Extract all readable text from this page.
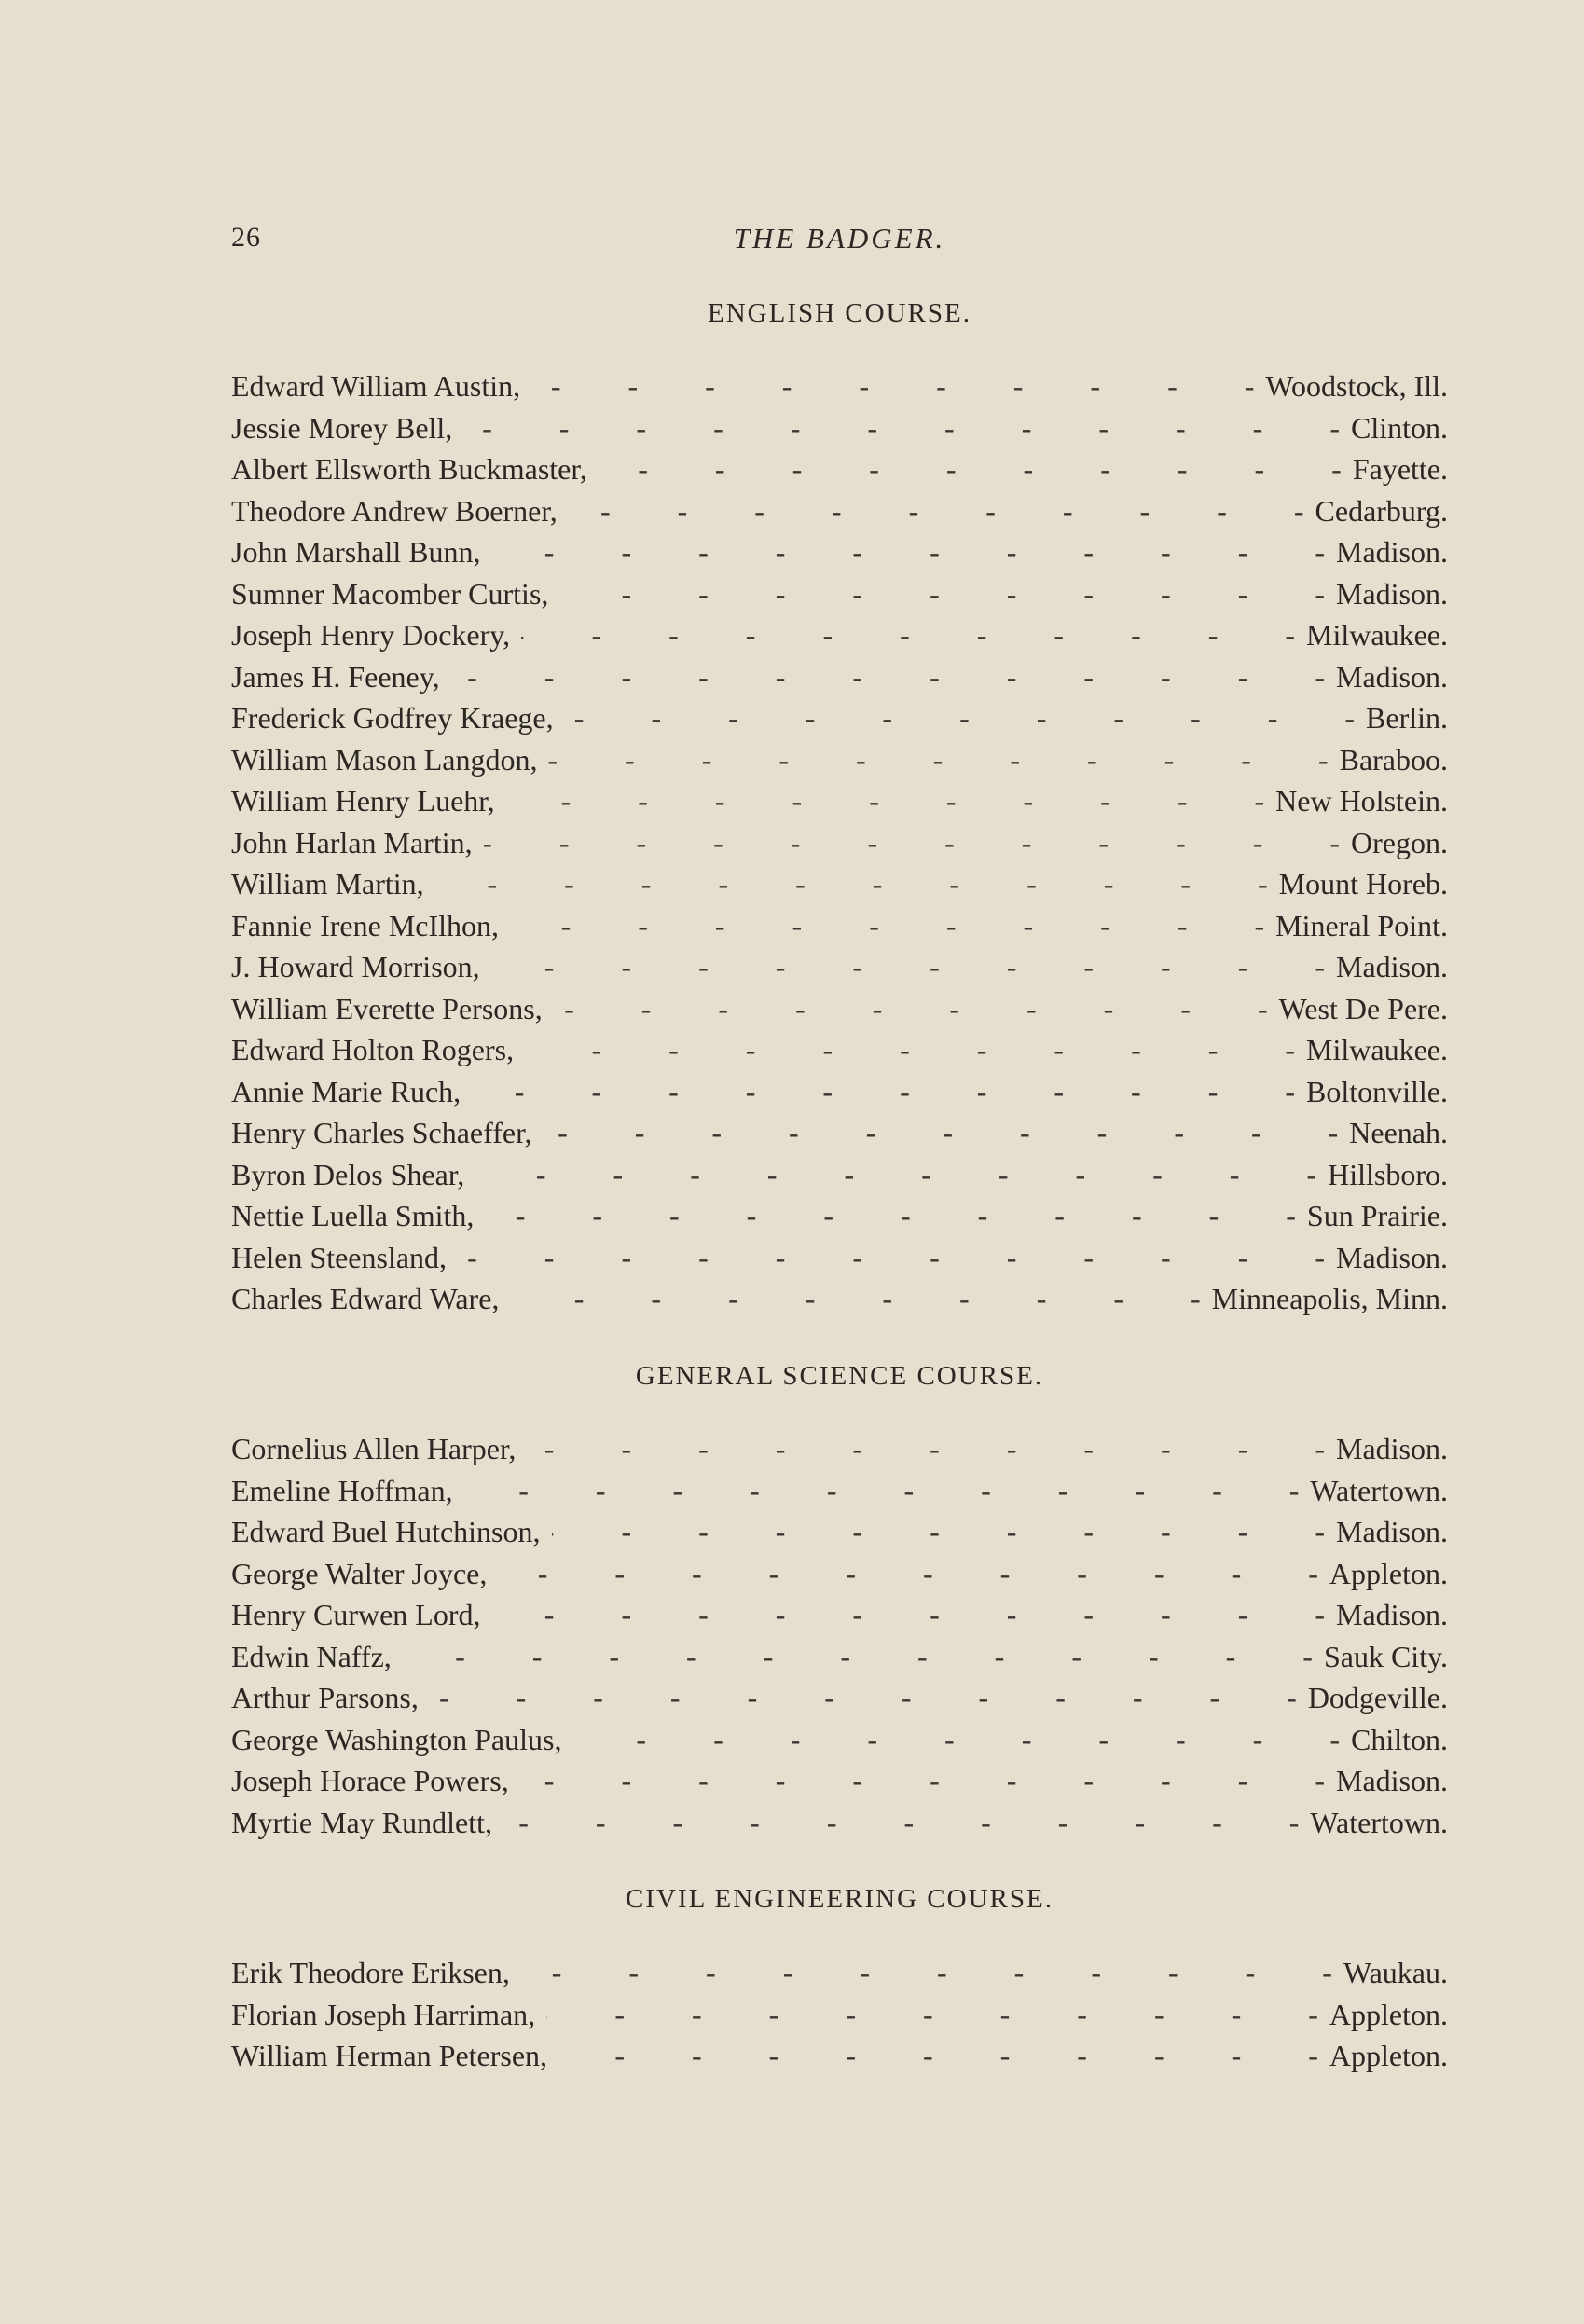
26	THE BADGER.
ENGLISH COURSE.
Edward William Austin, -	Woodstock, Ill.
Jessie Morey Bell, -	Clinton.
Albert Ellsworth Buckmaster, -	Fayette.
Theodore Andrew Boerner, -	Cedarburg.
John Marshall Bunn, -	Madison.
Sumner Macomber Curtis, -	Madison.
Joseph Henry Dockery, -	Milwaukee.
James H. Feeney, -	Madison.
Frederick Godfrey Kraege, -	Berlin.
William Mason Langdon, -	Baraboo.
William Henry Luehr, -	New Holstein.
John Harlan Martin, -	Oregon.
William Martin, -	Mount Horeb.
Fannie Irene McIlhon, -	Mineral Point.
J. Howard Morrison, -	Madison.
William Everette Persons, -	West De Pere.
Edward Holton Rogers, -	Milwaukee.
Annie Marie Ruch, -	Boltonville.
Henry Charles Schaeffer, -	Neenah.
Byron Delos Shear, -	Hillsboro.
Nettie Luella Smith, -	Sun Prairie.
Helen Steensland, -	Madison.
Charles Edward Ware, -	Minneapolis, Minn.
GENERAL SCIENCE COURSE.
Cornelius Allen Harper, -	Madison.
Emeline Hoffman, -	Watertown.
Edward Buel Hutchinson, -	Madison.
George Walter Joyce, -	Appleton.
Henry Curwen Lord, -	Madison.
Edwin Naffz, -	Sauk City.
Arthur Parsons, -	Dodgeville.
George Washington Paulus, -	Chilton.
Joseph Horace Powers, -	Madison.
Myrtie May Rundlett, -	Watertown.
CIVIL ENGINEERING COURSE.
Erik Theodore Eriksen, -	Waukau.
Florian Joseph Harriman, -	Appleton.
William Herman Petersen, -	Appleton.
